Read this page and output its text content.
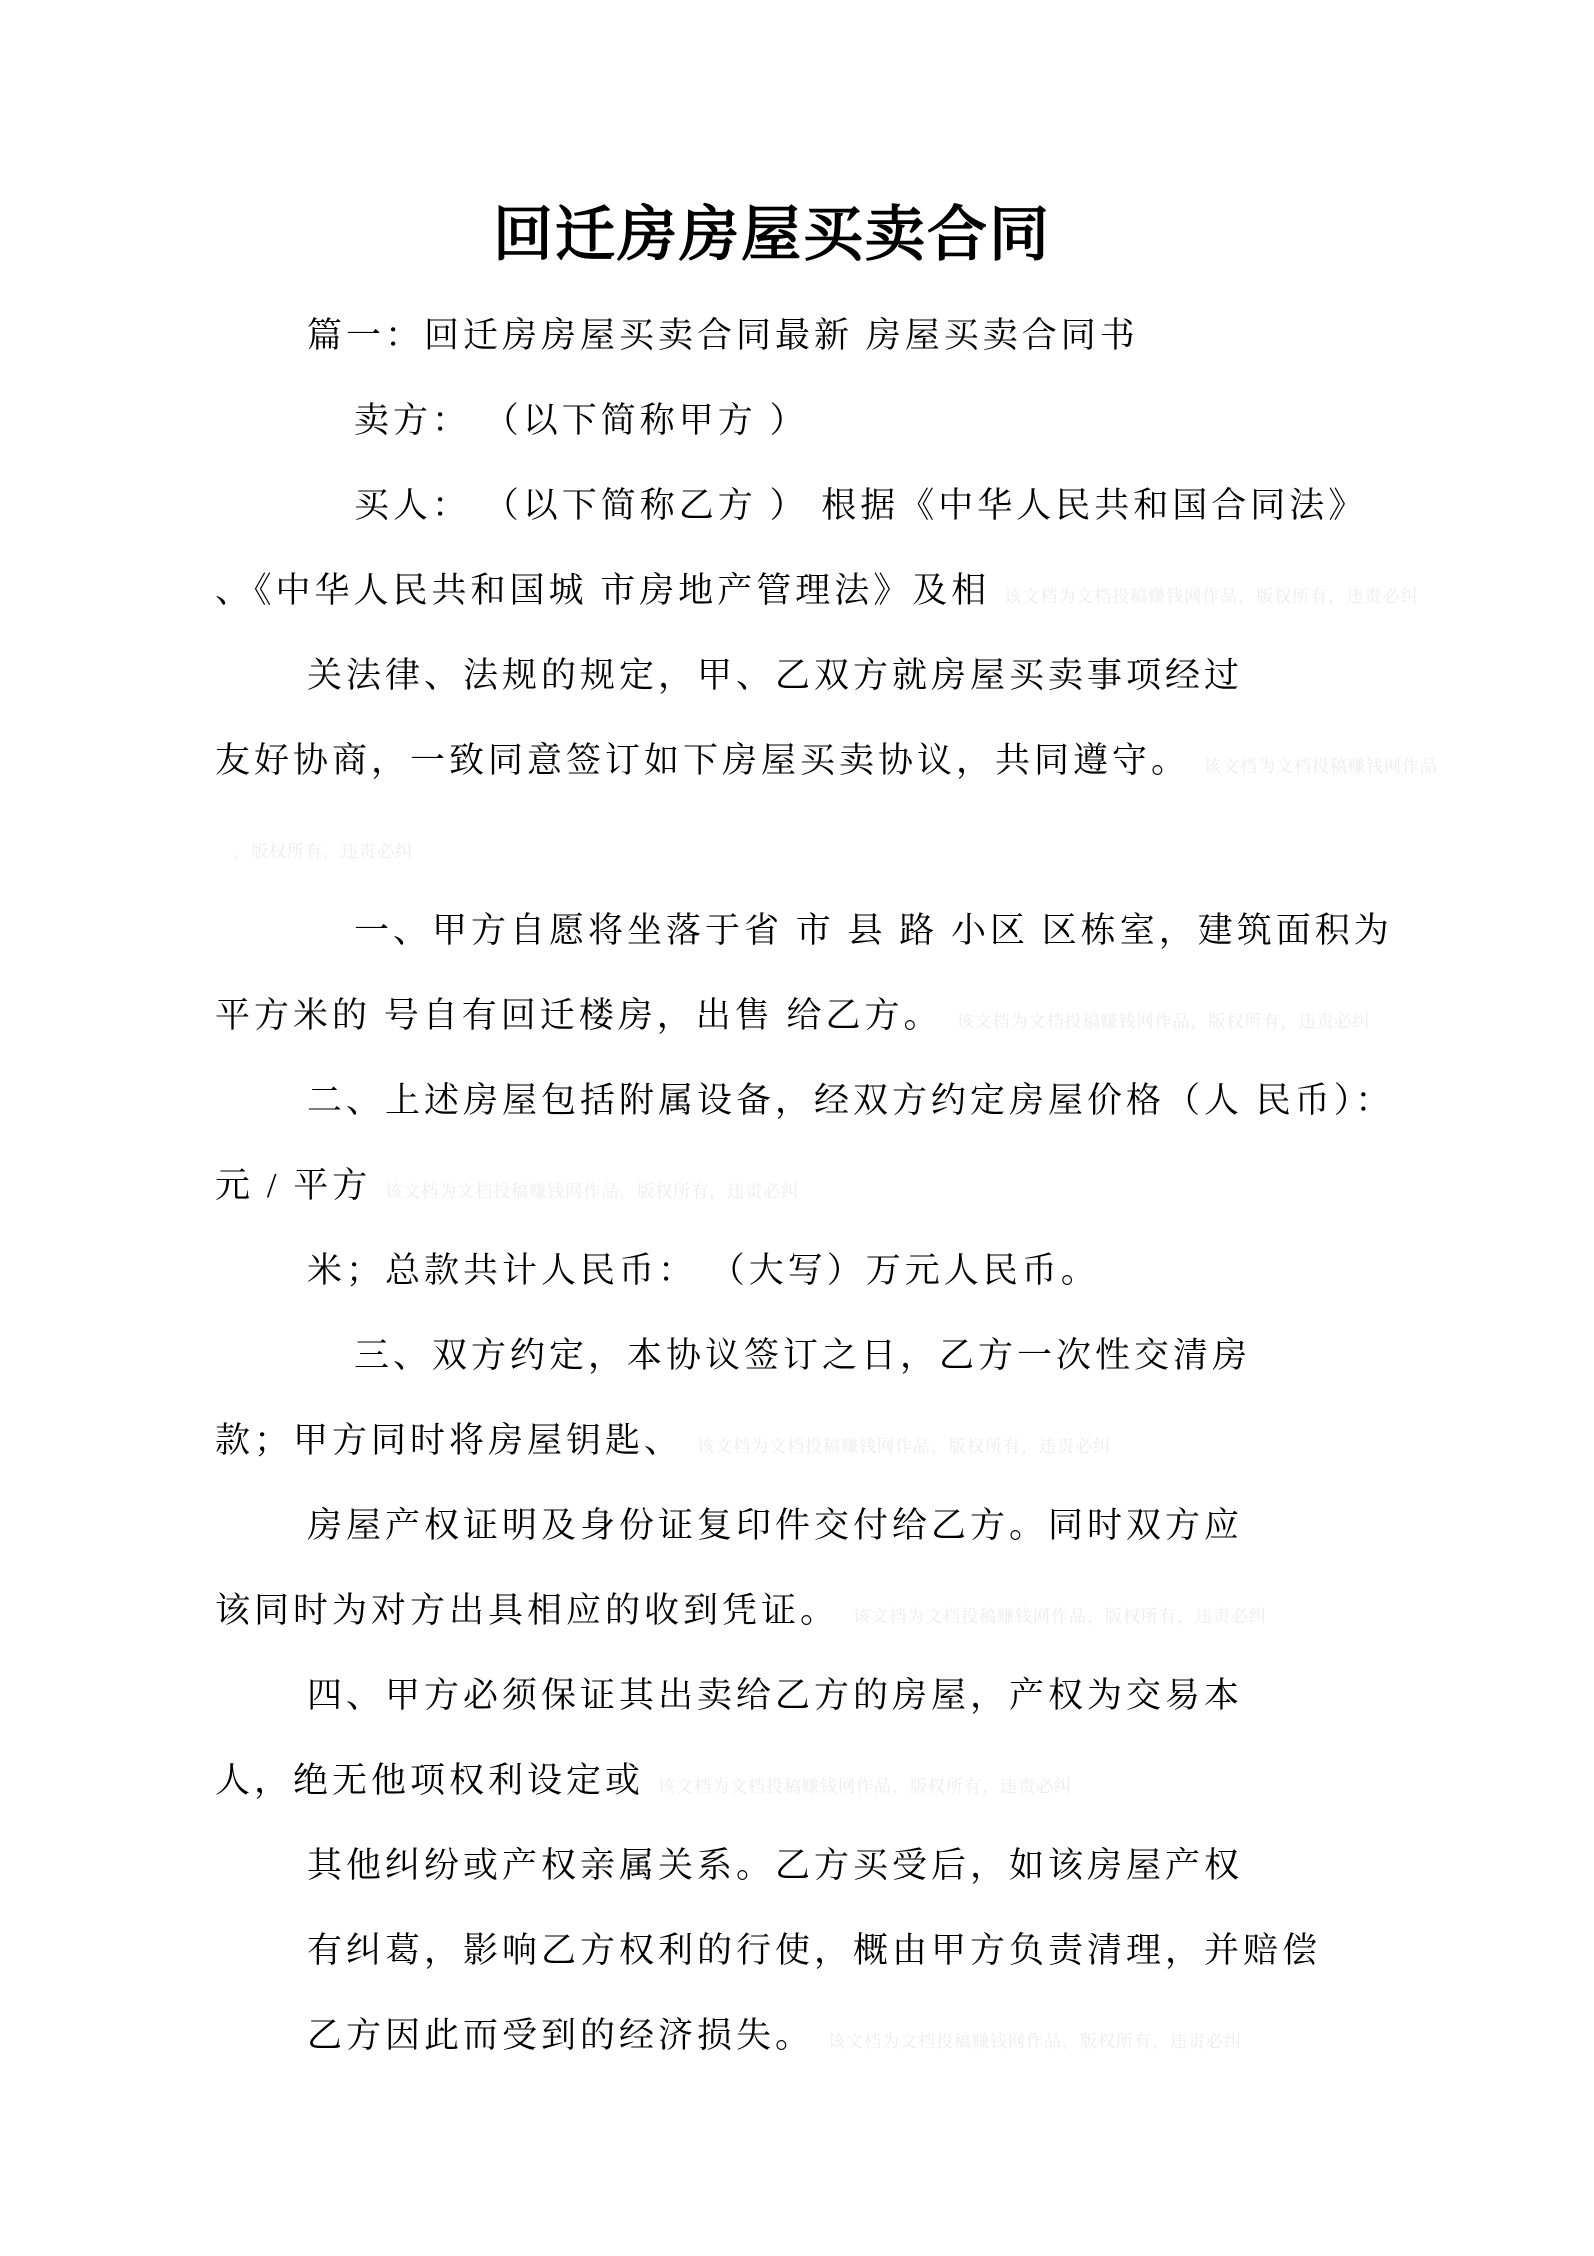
回迁房房屋买卖合同
篇一：回迁房房屋买卖合同最新 房屋买卖合同书
卖方： （以下简称甲方 ）
买人： （以下简称乙方 ） 根据《中华人民共和国合同法》
、《中华人民共和国城 市房地产管理法》及相 该文档为文档投稿赚钱网作品，版权所有，违责必纠
关法律、法规的规定，甲、乙双方就房屋买卖事项经过
友好协商，一致同意签订如下房屋买卖协议，共同遵守。 该文档为文档投稿赚钱网作品
，版权所有，违责必纠
一、甲方自愿将坐落于省 市 县 路 小区 区栋室，建筑面积为
平方米的 号自有回迁楼房，出售 给乙方。 该文档为文档投稿赚钱网作品，版权所有，违责必纠
二、上述房屋包括附属设备，经双方约定房屋价格（人 民币）：
元 / 平方 该文档为文档投稿赚钱网作品，版权所有，违责必纠
米；总款共计人民币： （大写）万元人民币。
三、双方约定，本协议签订之日，乙方一次性交清房
款；甲方同时将房屋钥匙、 该文档为文档投稿赚钱网作品，版权所有，违责必纠
房屋产权证明及身份证复印件交付给乙方。同时双方应
该同时为对方出具相应的收到凭证。 该文档为文档投稿赚钱网作品，版权所有，违责必纠
四、甲方必须保证其出卖给乙方的房屋，产权为交易本
人，绝无他项权利设定或 该文档为文档投稿赚钱网作品，版权所有，违责必纠
其他纠纷或产权亲属关系。乙方买受后，如该房屋产权
有纠葛，影响乙方权利的行使，概由甲方负责清理，并赔偿
乙方因此而受到的经济损失。 该文档为文档投稿赚钱网作品，版权所有，违责必纠
